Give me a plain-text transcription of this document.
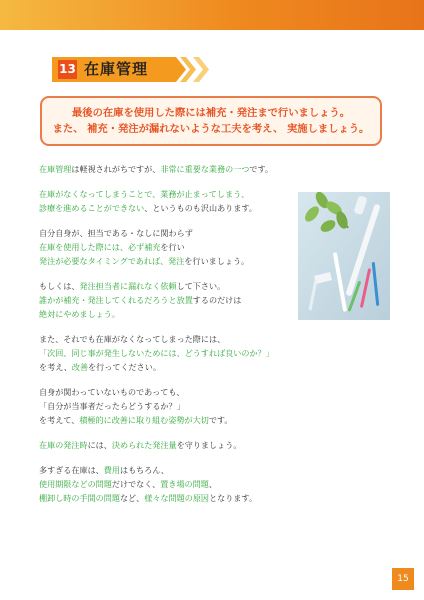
13 在庫管理
最後の在庫を使用した際には補充・発注まで行いましょう。
また、 補充・発注が漏れないような工夫を考え、 実施しましょう。

在庫管理は軽視されがちですが、非常に重要な業務の一つです。

在庫がなくなってしまうことで、業務が止まってしまう、
診療を進めることができない、というものも沢山あります。

自分自身が、担当である・なしに関わらず
在庫を使用した際には、必ず補充を行い
発注が必要なタイミングであれば、発注を行いましょう。

もしくは、発注担当者に漏れなく依頼して下さい。
誰かが補充・発注してくれるだろうと放置するのだけは
絶対にやめましょう。

また、それでも在庫がなくなってしまった際には、
「次回、同じ事が発生しないためには、どうすれば良いのか？」
を考え、改善を行ってください。

自身が関わっていないものであっても、
「自分が当事者だったらどうするか？」
を考えて、積極的に改善に取り組む姿勢が大切です。

在庫の発注時には、決められた発注量を守りましょう。

多すぎる在庫は、費用はもちろん、
使用期限などの問題だけでなく、置き場の問題、
棚卸し時の手間の問題など、様々な問題の原因となります。

15
